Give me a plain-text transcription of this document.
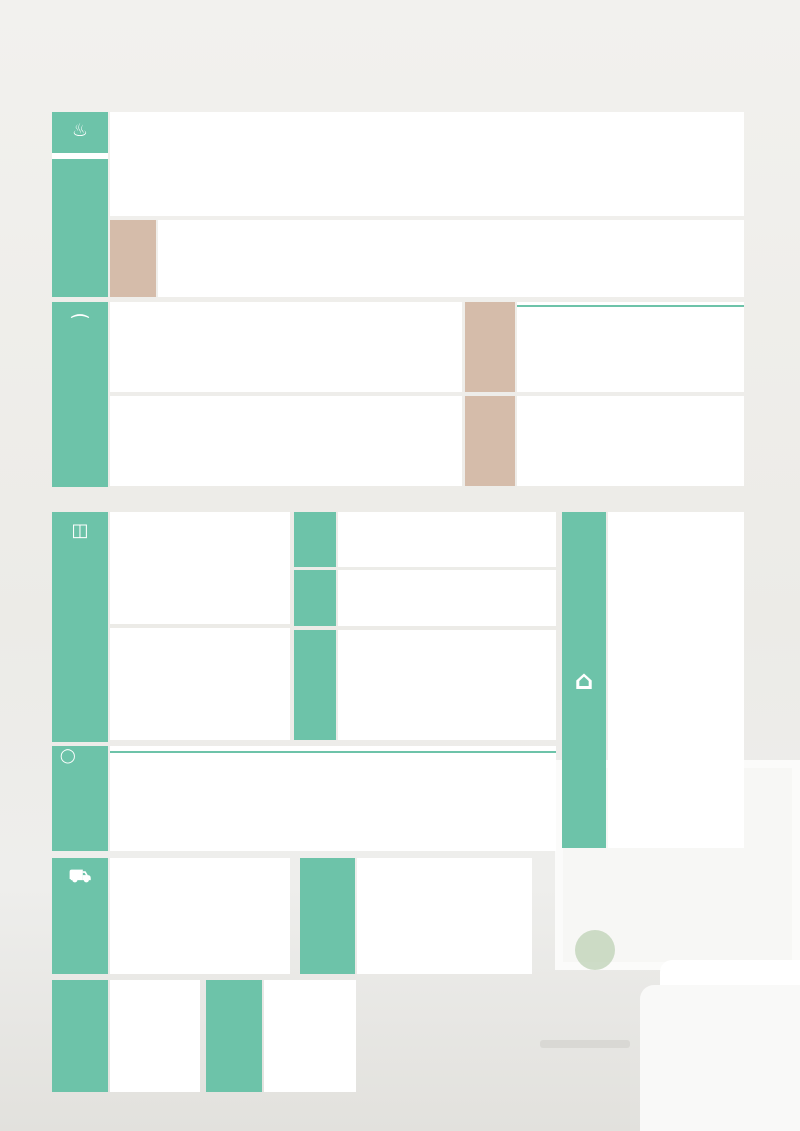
♨
⌒
◫
⌂
◯
⛟
